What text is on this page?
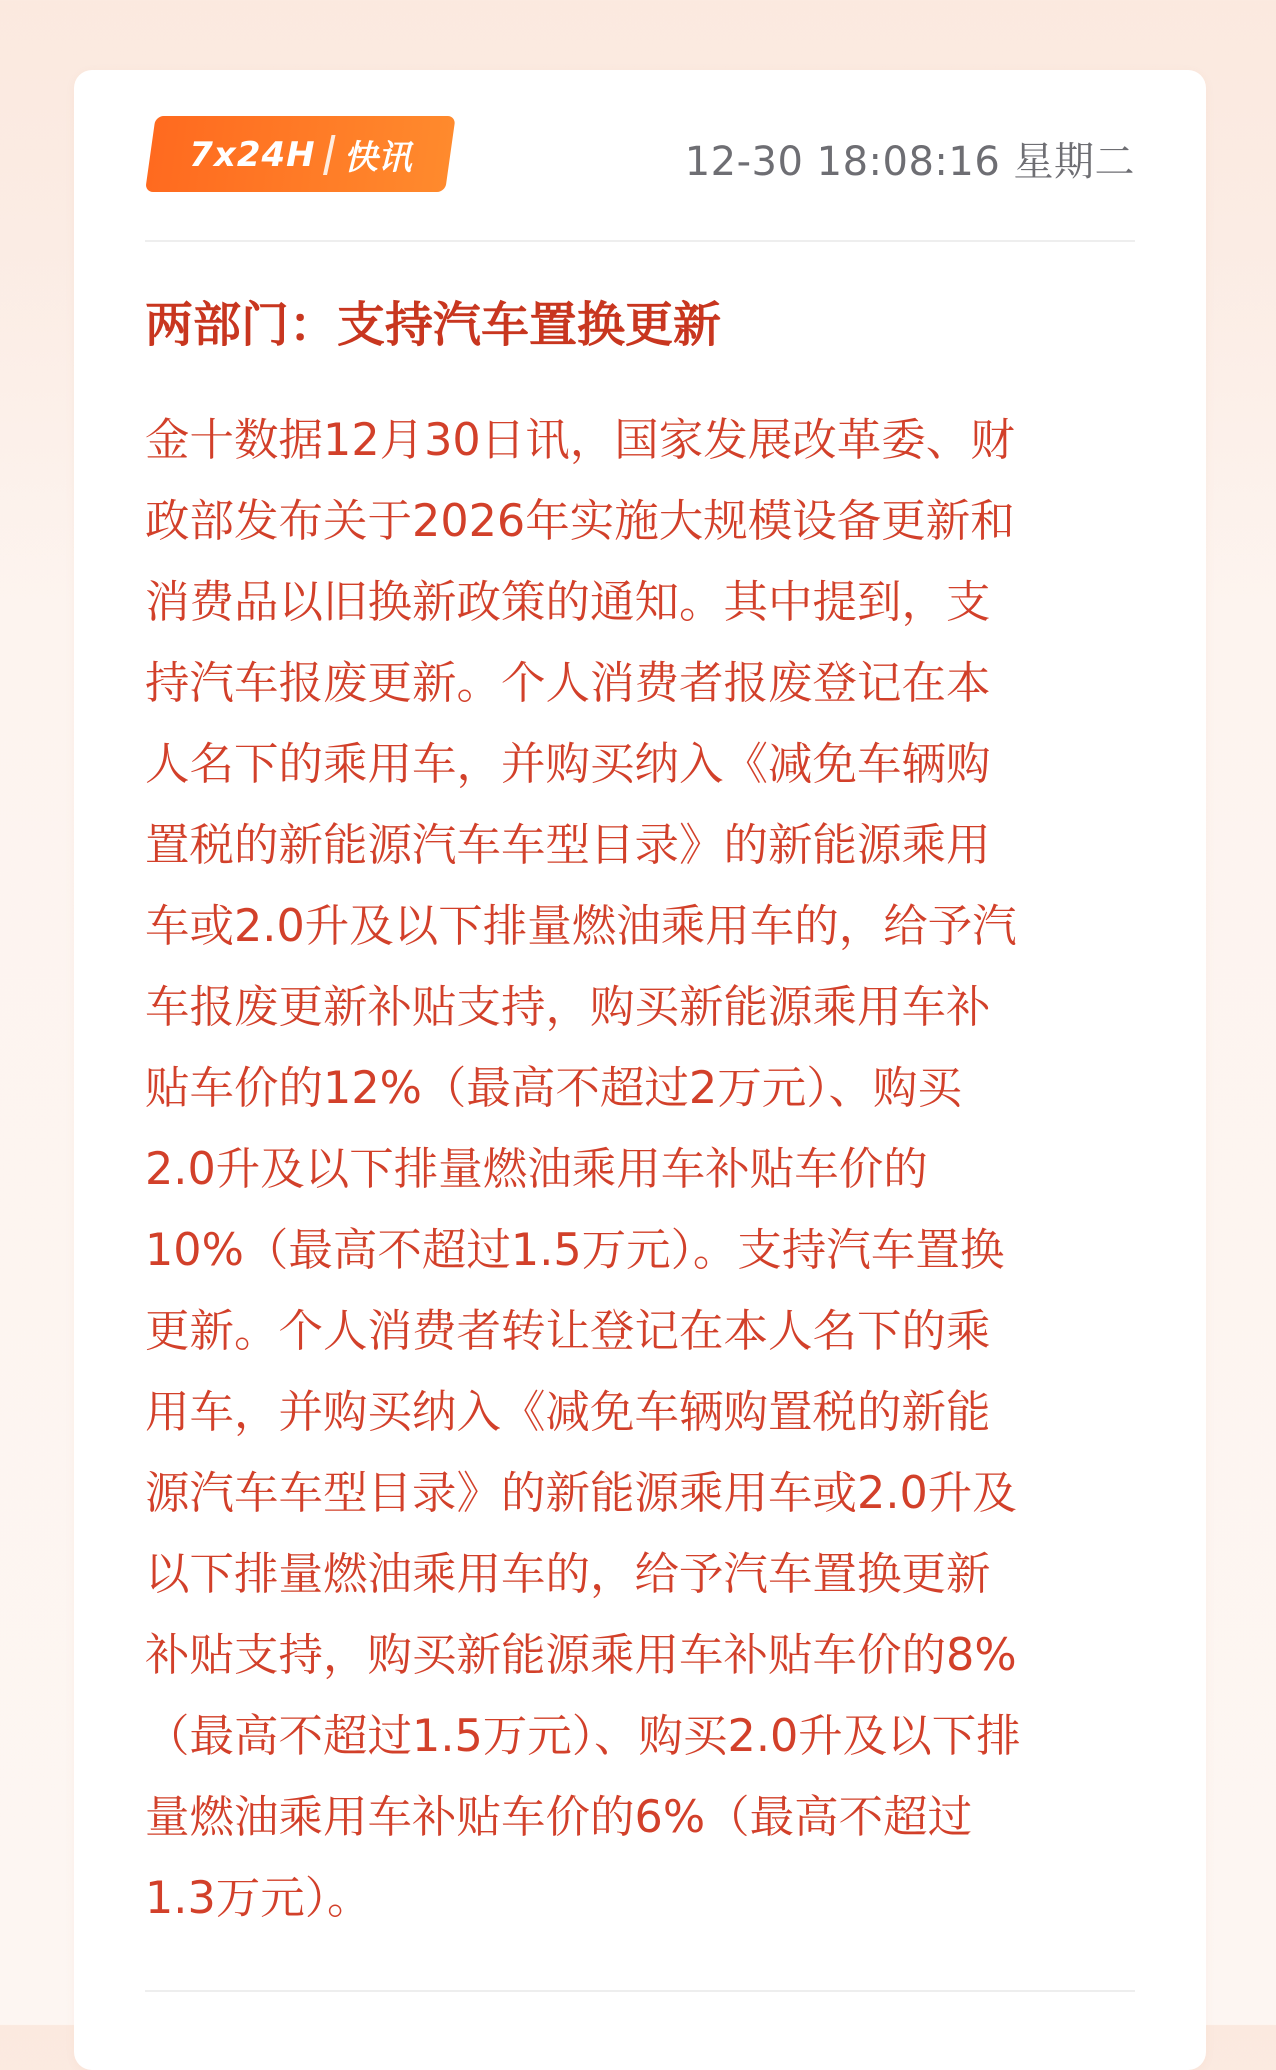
7x24H 快讯	12-30 18:08:16 星期二
两部门：支持汽车置换更新
金十数据12月30日讯，国家发展改革委、财
政部发布关于2026年实施大规模设备更新和
消费品以旧换新政策的通知。其中提到，支
持汽车报废更新。个人消费者报废登记在本
人名下的乘用车，并购买纳入《减免车辆购
置税的新能源汽车车型目录》的新能源乘用
车或2.0升及以下排量燃油乘用车的，给予汽
车报废更新补贴支持，购买新能源乘用车补
贴车价的12%（最高不超过2万元）、购买
2.0升及以下排量燃油乘用车补贴车价的
10%（最高不超过1.5万元）。支持汽车置换
更新。个人消费者转让登记在本人名下的乘
用车，并购买纳入《减免车辆购置税的新能
源汽车车型目录》的新能源乘用车或2.0升及
以下排量燃油乘用车的，给予汽车置换更新
补贴支持，购买新能源乘用车补贴车价的8%
（最高不超过1.5万元）、购买2.0升及以下排
量燃油乘用车补贴车价的6%（最高不超过
1.3万元）。
